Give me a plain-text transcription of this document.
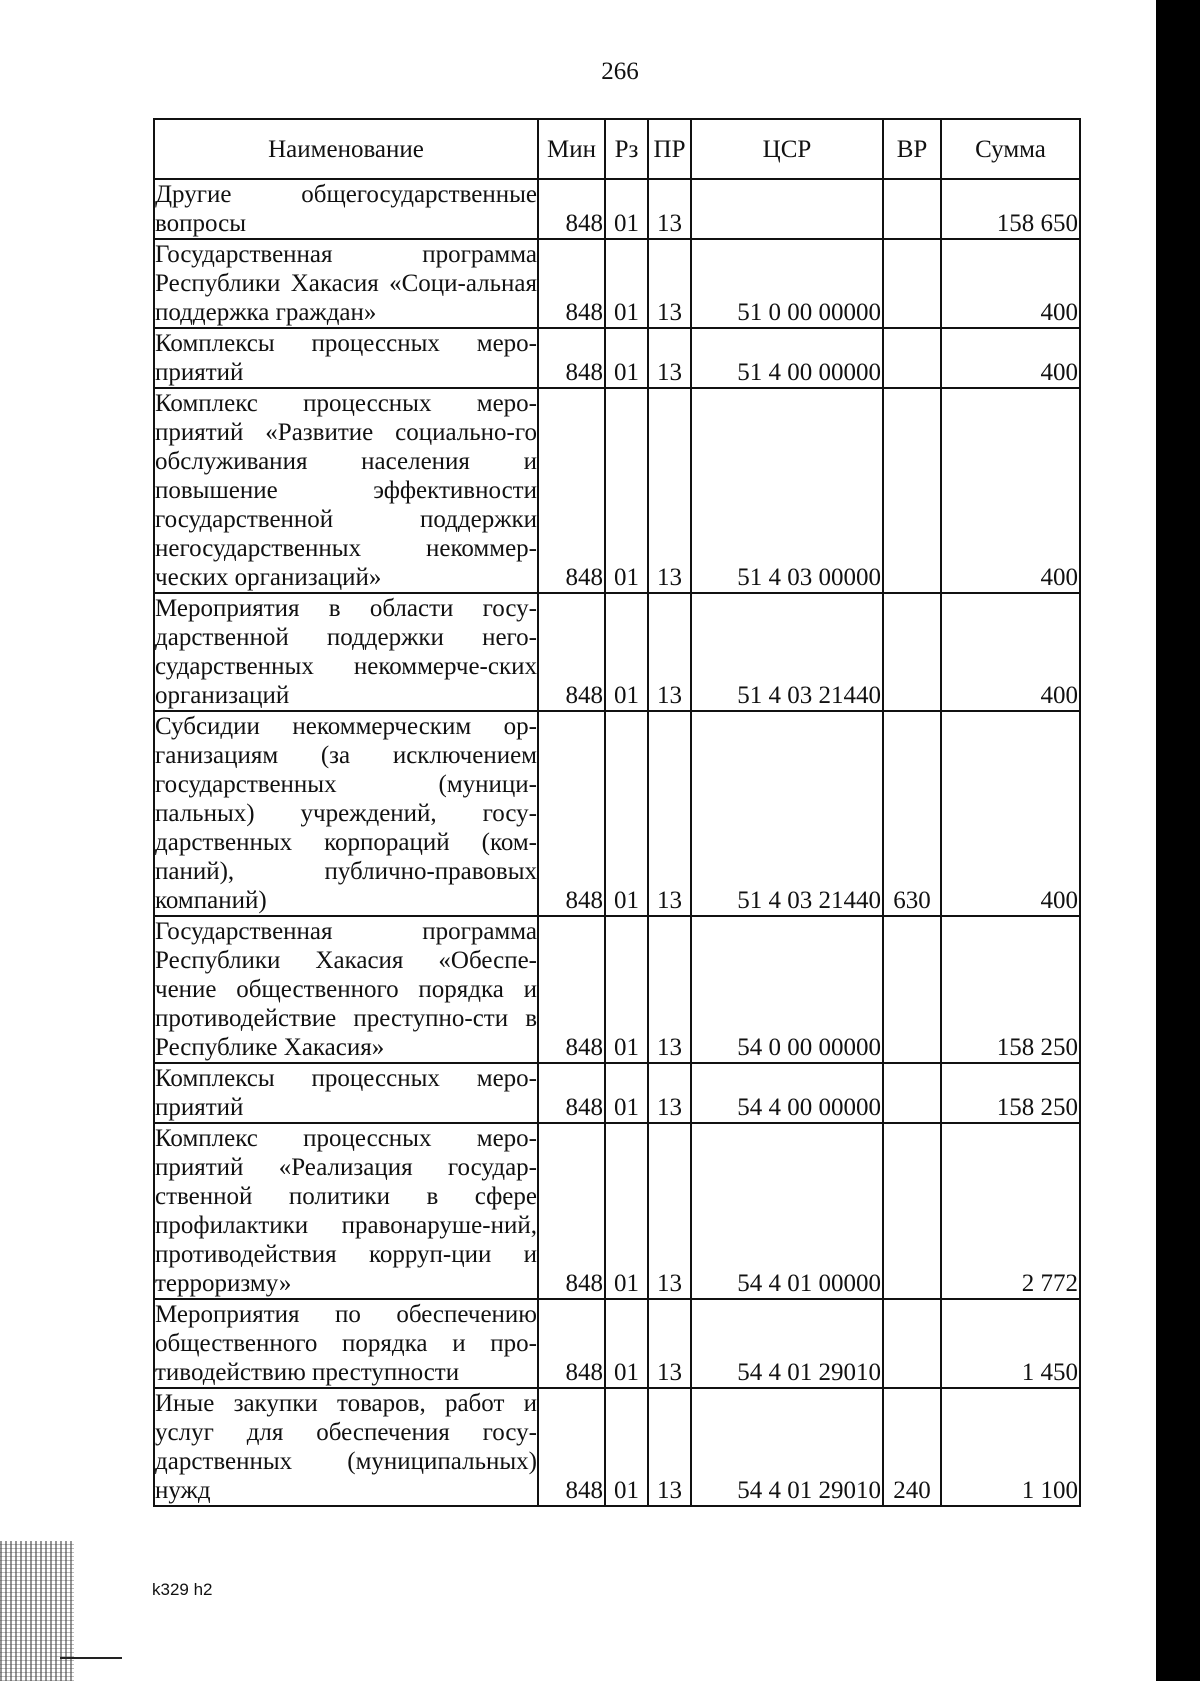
266
Наименование	Мин	Рз	ПР	ЦСР	ВР	Сумма
Другие общегосударственные вопросы	848	01	13			158 650
Государственная программа Республики Хакасия «Соци-альная поддержка граждан»	848	01	13	51 0 00 00000		400
Комплексы процессных меро-приятий	848	01	13	51 4 00 00000		400
Комплекс процессных меро-приятий «Развитие социально-го обслуживания населения и повышение эффективности государственной поддержки негосударственных некоммер-ческих организаций»	848	01	13	51 4 03 00000		400
Мероприятия в области госу-дарственной поддержки него-сударственных некоммерче-ских организаций	848	01	13	51 4 03 21440		400
Субсидии некоммерческим ор-ганизациям (за исключением государственных (муници-пальных) учреждений, госу-дарственных корпораций (ком-паний), публично-правовых компаний)	848	01	13	51 4 03 21440	630	400
Государственная программа Республики Хакасия «Обеспе-чение общественного порядка и противодействие преступно-сти в Республике Хакасия»	848	01	13	54 0 00 00000		158 250
Комплексы процессных меро-приятий	848	01	13	54 4 00 00000		158 250
Комплекс процессных меро-приятий «Реализация государ-ственной политики в сфере профилактики правонаруше-ний, противодействия корруп-ции и терроризму»	848	01	13	54 4 01 00000		2 772
Мероприятия по обеспечению общественного порядка и про-тиводействию преступности	848	01	13	54 4 01 29010		1 450
Иные закупки товаров, работ и услуг для обеспечения госу-дарственных (муниципальных) нужд	848	01	13	54 4 01 29010	240	1 100
k329 h2
